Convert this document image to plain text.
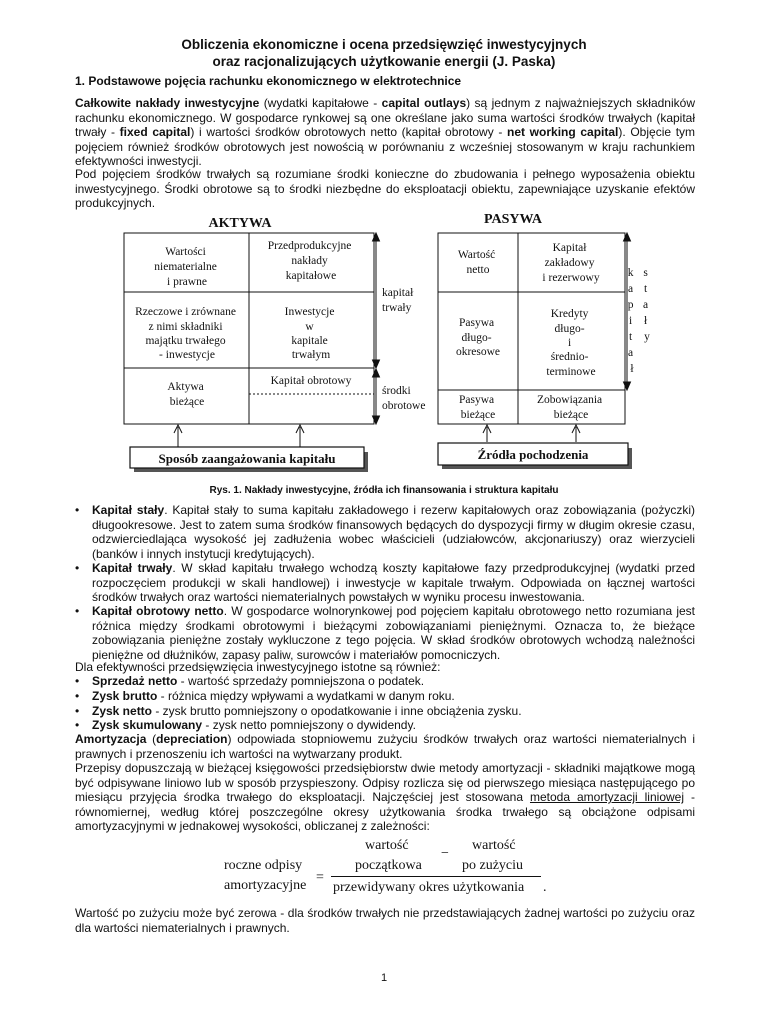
Obliczenia ekonomiczne i ocena przedsięwzięć inwestycyjnych
oraz racjonalizujących użytkowanie energii (J. Paska)
1. Podstawowe pojęcia rachunku ekonomicznego w elektrotechnice

Całkowite nakłady inwestycyjne (wydatki kapitałowe - capital outlays) są jednym z najważniejszych składników rachunku ekonomicznego. W gospodarce rynkowej są one określane jako suma wartości środków trwałych (kapitał trwały - fixed capital) i wartości środków obrotowych netto (kapitał obrotowy - net working capital). Objęcie tym pojęciem również środków obrotowych jest nowością w porównaniu z wcześniej stosowanym w kraju rachunkiem efektywności inwestycji.

Pod pojęciem środków trwałych są rozumiane środki konieczne do zbudowania i pełnego wyposażenia obiektu inwestycyjnego. Środki obrotowe są to środki niezbędne do eksploatacji obiektu, zapewniające uzyskanie efektów produkcyjnych.

AKTYWA	PASYWA
Wartości niematerialne i prawne
Przedprodukcyjne nakłady kapitałowe
Rzeczowe i zrównane z nimi składniki majątku trwałego - inwestycje
Inwestycje w kapitale trwałym
Aktywa bieżące
Kapitał obrotowy
Wartość netto
Kapitał zakładowy i rezerwowy
Pasywa długo- okresowe
Kredyty długo- i średnio- terminowe
Pasywa bieżące
Zobowiązania bieżące
kapitał trwały
środki obrotowe
k a p i t a ł
s t a ł y
Sposób zaangażowania kapitału	Źródła pochodzenia
Rys. 1. Nakłady inwestycyjne, źródła ich finansowania i struktura kapitału
• Kapitał stały. Kapitał stały to suma kapitału zakładowego i rezerw kapitałowych oraz zobowiązania (pożyczki) długookresowe. Jest to zatem suma środków finansowych będących do dyspozycji firmy w długim okresie czasu, odzwierciedlająca wysokość jej zadłużenia wobec właścicieli (udziałowców, akcjonariuszy) oraz wierzycieli (banków i innych instytucji kredytujących).
• Kapitał trwały. W skład kapitału trwałego wchodzą koszty kapitałowe fazy przedprodukcyjnej (wydatki przed rozpoczęciem produkcji w skali handlowej) i inwestycje w kapitale trwałym. Odpowiada on łącznej wartości środków trwałych oraz wartości niematerialnych powstałych w wyniku procesu inwestowania.
• Kapitał obrotowy netto. W gospodarce wolnorynkowej pod pojęciem kapitału obrotowego netto rozumiana jest różnica między środkami obrotowymi i bieżącymi zobowiązaniami pieniężnymi. Oznacza to, że bieżące zobowiązania pieniężne zostały wykluczone z tego pojęcia. W skład środków obrotowych wchodzą należności pieniężne od dłużników, zapasy paliw, surowców i materiałów pomocniczych.
Dla efektywności przedsięwzięcia inwestycyjnego istotne są również:
• Sprzedaż netto - wartość sprzedaży pomniejszona o podatek.
• Zysk brutto - różnica między wpływami a wydatkami w danym roku.
• Zysk netto - zysk brutto pomniejszony o opodatkowanie i inne obciążenia zysku.
• Zysk skumulowany - zysk netto pomniejszony o dywidendy.

Amortyzacja (depreciation) odpowiada stopniowemu zużyciu środków trwałych oraz wartości niematerialnych i prawnych i przenoszeniu ich wartości na wytwarzany produkt.

Przepisy dopuszczają w bieżącej księgowości przedsiębiorstw dwie metody amortyzacji - składniki majątkowe mogą być odpisywane liniowo lub w sposób przyspieszony. Odpisy rozlicza się od pierwszego miesiąca następującego po miesiącu przyjęcia środka trwałego do eksploatacji. Najczęściej jest stosowana metoda amortyzacji liniowej - równomiernej, według której poszczególne okresy użytkowania środka trwałego są obciążone odpisami amortyzacyjnymi w jednakowej wysokości, obliczanej z zależności:

roczne odpisy
amortyzacyjne
=
wartość
początkowa
−
wartość
po zużyciu
przewidywany okres użytkowania .

Wartość po zużyciu może być zerowa - dla środków trwałych nie przedstawiających żadnej wartości po zużyciu oraz dla wartości niematerialnych i prawnych.

1
